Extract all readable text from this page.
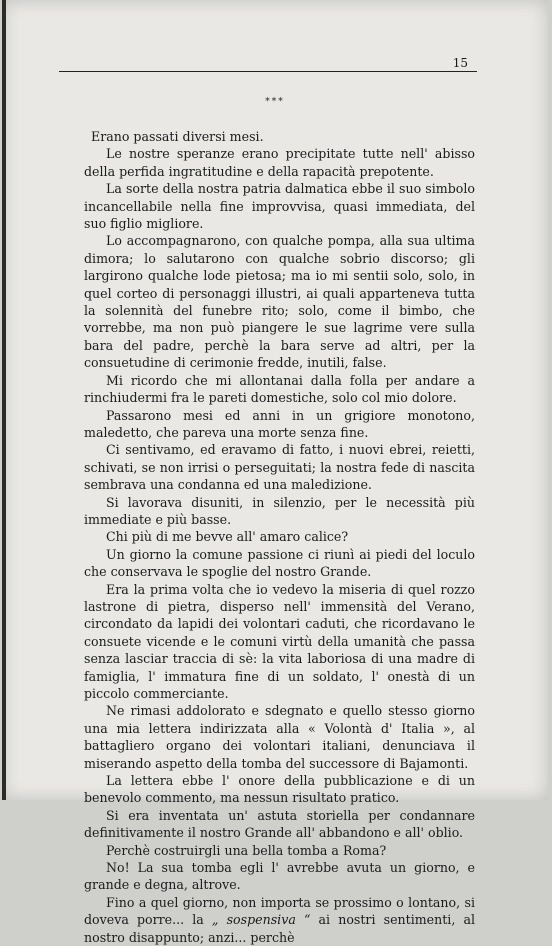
15
***

Erano passati diversi mesi.

Le nostre speranze erano precipitate tutte nell' abisso della perfida ingratitudine e della rapacità prepotente.

La sorte della nostra patria dalmatica ebbe il suo simbolo incancellabile nella fine improvvisa, quasi immediata, del suo figlio migliore.

Lo accompagnarono, con qualche pompa, alla sua ultima dimora; lo salutarono con qualche sobrio discorso; gli largirono qualche lode pietosa; ma io mi sentii solo, solo, in quel corteo di personaggi illustri, ai quali apparteneva tutta la solennità del funebre rito; solo, come il bimbo, che vorrebbe, ma non può piangere le sue lagrime vere sulla bara del padre, perchè la bara serve ad altri, per la consuetudine di cerimonie fredde, inutili, false.

Mi ricordo che mi allontanai dalla folla per andare a rinchiudermi fra le pareti domestiche, solo col mio dolore.

Passarono mesi ed anni in un grigiore monotono, maledetto, che pareva una morte senza fine.

Ci sentivamo, ed eravamo di fatto, i nuovi ebrei, reietti, schivati, se non irrisi o perseguitati; la nostra fede di nascita sembrava una condanna ed una maledizione.

Si lavorava disuniti, in silenzio, per le necessità più immediate e più basse.

Chi più di me bevve all' amaro calice?

Un giorno la comune passione ci riunì ai piedi del loculo che conservava le spoglie del nostro Grande.

Era la prima volta che io vedevo la miseria di quel rozzo lastrone di pietra, disperso nell' immensità del Verano, circondato da lapidi dei volontari caduti, che ricordavano le consuete vicende e le comuni virtù della umanità che passa senza lasciar traccia di sè: la vita laboriosa di una madre di famiglia, l' immatura fine di un soldato, l' onestà di un piccolo commerciante.

Ne rimasi addolorato e sdegnato e quello stesso giorno una mia lettera indirizzata alla « Volontà d' Italia », al battagliero organo dei volontari italiani, denunciava il miserando aspetto della tomba del successore di Bajamonti.

La lettera ebbe l' onore della pubblicazione e di un benevolo commento, ma nessun risultato pratico.

Si era inventata un' astuta storiella per condannare definitivamente il nostro Grande all' abbandono e all' oblio.

Perchè costruirgli una bella tomba a Roma?

No! La sua tomba egli l' avrebbe avuta un giorno, e grande e degna, altrove.

Fino a quel giorno, non importa se prossimo o lontano, si doveva porre... la „ sospensiva “ ai nostri sentimenti, al nostro disappunto; anzi... perchè
